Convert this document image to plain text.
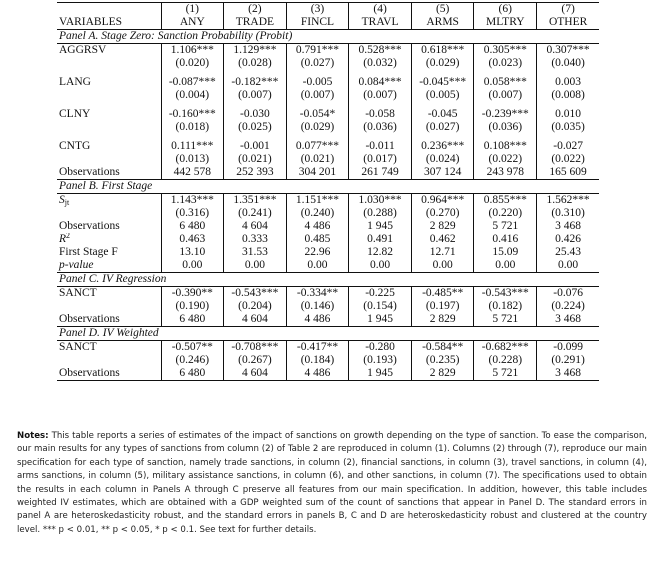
	(1)	(2)	(3)	(4)	(5)	(6)	(7)
VARIABLES	ANY	TRADE	FINCL	TRAVL	ARMS	MLTRY	OTHER
Panel A. Stage Zero: Sanction Probability (Probit)							
AGGRSV	1.106***	1.129***	0.791***	0.528***	0.618***	0.305***	0.307***
	(0.020)	(0.028)	(0.027)	(0.032)	(0.029)	(0.023)	(0.040)

LANG	-0.087***	-0.182***	-0.005	0.084***	-0.045***	0.058***	0.003
	(0.004)	(0.007)	(0.007)	(0.007)	(0.005)	(0.007)	(0.008)

CLNY	-0.160***	-0.030	-0.054*	-0.058	-0.045	-0.239***	0.010
	(0.018)	(0.025)	(0.029)	(0.036)	(0.027)	(0.036)	(0.035)

CNTG	0.111***	-0.001	0.077***	-0.011	0.236***	0.108***	-0.027
	(0.013)	(0.021)	(0.021)	(0.017)	(0.024)	(0.022)	(0.022)
Observations	442 578	252 393	304 201	261 749	307 124	243 978	165 609
Panel B. First Stage							
$S_{jt}$	1.143***	1.351***	1.151***	1.030***	0.964***	0.855***	1.562***
	(0.316)	(0.241)	(0.240)	(0.288)	(0.270)	(0.220)	(0.310)
Observations	6 480	4 604	4 486	1 945	2 829	5 721	3 468
$R^2$	0.463	0.333	0.485	0.491	0.462	0.416	0.426
First Stage F	13.10	31.53	22.96	12.82	12.71	15.09	25.43
p-value	0.00	0.00	0.00	0.00	0.00	0.00	0.00
Panel C. IV Regression							
SANCT	-0.390**	-0.543***	-0.334**	-0.225	-0.485**	-0.543***	-0.076
	(0.190)	(0.204)	(0.146)	(0.154)	(0.197)	(0.182)	(0.224)
Observations	6 480	4 604	4 486	1 945	2 829	5 721	3 468
Panel D. IV Weighted							
SANCT	-0.507**	-0.708***	-0.417**	-0.280	-0.584**	-0.682***	-0.099
	(0.246)	(0.267)	(0.184)	(0.193)	(0.235)	(0.228)	(0.291)
Observations	6 480	4 604	4 486	1 945	2 829	5 721	3 468
Notes: This table reports a series of estimates of the impact of sanctions on growth depending on the type of sanction. To ease the comparison, our main results for any types of sanctions from column (2) of Table 2 are reproduced in column (1). Columns (2) through (7), reproduce our main specification for each type of sanction, namely trade sanctions, in column (2), financial sanctions, in column (3), travel sanctions, in column (4), arms sanctions, in column (5), military assistance sanctions, in column (6), and other sanctions, in column (7). The specifications used to obtain the results in each column in Panels A through C preserve all features from our main specification. In addition, however, this table includes weighted IV estimates, which are obtained with a GDP weighted sum of the count of sanctions that appear in Panel D. The standard errors in panel A are heteroskedasticity robust, and the standard errors in panels B, C and D are heteroskedasticity robust and clustered at the country level. *** p < 0.01, ** p < 0.05, * p < 0.1. See text for further details.
